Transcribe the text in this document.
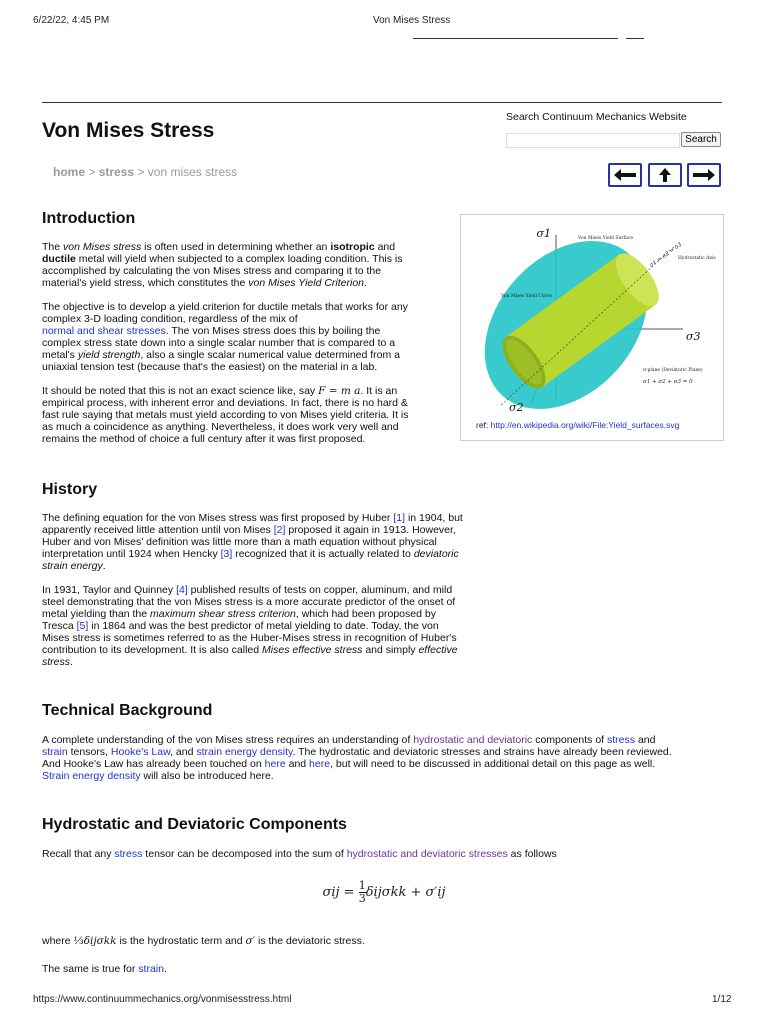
6/22/22, 4:45 PM	Von Mises Stress
Von Mises Stress
Search Continuum Mechanics Website
Search
home > stress > von mises stress
Introduction

The von Mises stress is often used in determining whether an isotropic and

ductile metal will yield when subjected to a complex loading condition. This is

accomplished by calculating the von Mises stress and comparing it to the

material's yield stress, which constitutes the von Mises Yield Criterion.

The objective is to develop a yield criterion for ductile metals that works for any

complex 3-D loading condition, regardless of the mix of

normal and shear stresses. The von Mises stress does this by boiling the

complex stress state down into a single scalar number that is compared to a

metal's yield strength, also a single scalar numerical value determined from a

uniaxial tension test (because that's the easiest) on the material in a lab.

It should be noted that this is not an exact science like, say F = m a. It is an

empirical process, with inherent error and deviations. In fact, there is no hard &

fast rule saying that metals must yield according to von Mises yield criteria. It is

as much a coincidence as anything. Nevertheless, it does work very well and

remains the method of choice a full century after it was first proposed.

σ1
σ3
σ2
Von Mises Yield Surface
Hydrostatic Axis
σ1 = σ2 = σ3
Von Mises Yield Curve
π-plane (Deviatoric Plane)
σ1 + σ2 + σ3 = 0
ref: http://en.wikipedia.org/wiki/File:Yield_surfaces.svg
History

The defining equation for the von Mises stress was first proposed by Huber [1] in 1904, but

apparently received little attention until von Mises [2] proposed it again in 1913. However,

Huber and von Mises' definition was little more than a math equation without physical

interpretation until 1924 when Hencky [3] recognized that it is actually related to deviatoric

strain energy.

In 1931, Taylor and Quinney [4] published results of tests on copper, aluminum, and mild

steel demonstrating that the von Mises stress is a more accurate predictor of the onset of

metal yielding than the maximum shear stress criterion, which had been proposed by

Tresca [5] in 1864 and was the best predictor of metal yielding to date. Today, the von

Mises stress is sometimes referred to as the Huber-Mises stress in recognition of Huber's

contribution to its development. It is also called Mises effective stress and simply effective

stress.

Technical Background

A complete understanding of the von Mises stress requires an understanding of hydrostatic and deviatoric components of stress and

strain tensors, Hooke's Law, and strain energy density. The hydrostatic and deviatoric stresses and strains have already been reviewed.

And Hooke's Law has already been touched on here and here, but will need to be discussed in additional detail on this page as well.

Strain energy density will also be introduced here.

Hydrostatic and Deviatoric Components

Recall that any stress tensor can be decomposed into the sum of hydrostatic and deviatoric stresses as follows

$\sigma ij = \frac{1}{3}$ δijσkk + σ′ij

where ⅓δijσkk is the hydrostatic term and σ′ is the deviatoric stress.

The same is true for strain.

https://www.continuummechanics.org/vonmisesstress.html	1/12
